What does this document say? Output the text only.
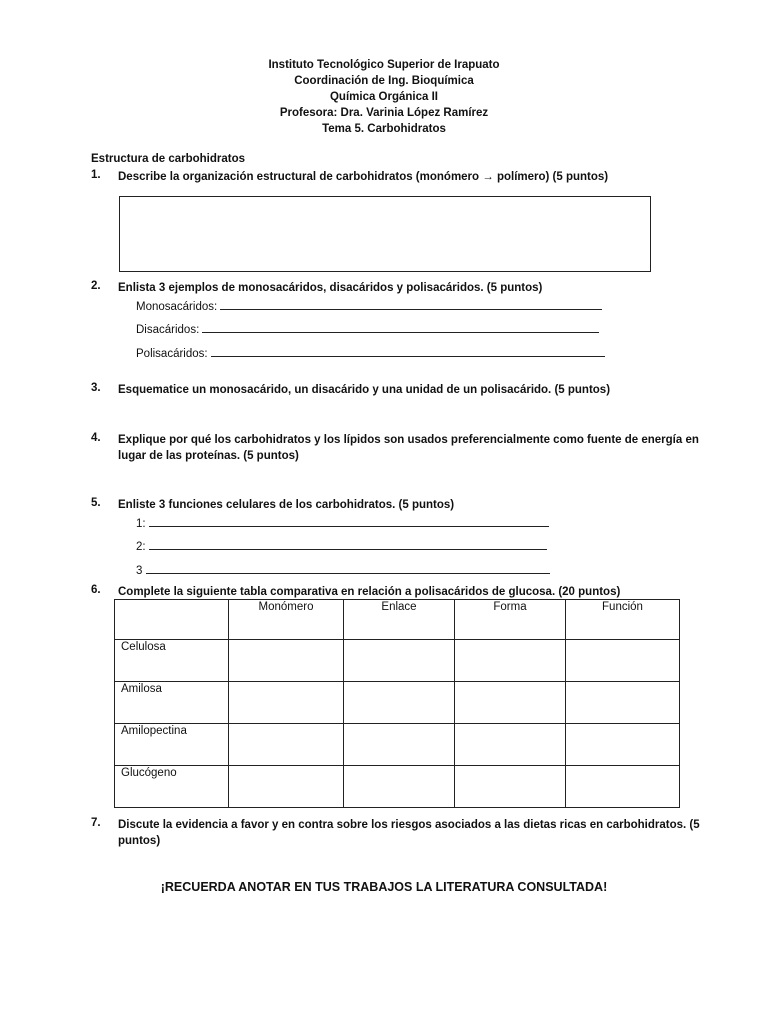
Instituto Tecnológico Superior de Irapuato
Coordinación de Ing. Bioquímica
Química Orgánica II
Profesora: Dra. Varinia López Ramírez
Tema 5. Carbohidratos
Estructura de carbohidratos
1. Describe la organización estructural de carbohidratos (monómero → polímero) (5 puntos)
2. Enlista 3 ejemplos de monosacáridos, disacáridos y polisacáridos. (5 puntos)
Monosacáridos:
Disacáridos:
Polisacáridos:
3. Esquematice un monosacárido, un disacárido y una unidad de un polisacárido. (5 puntos)
4. Explique por qué los carbohidratos y los lípidos son usados preferencialmente como fuente de energía en
lugar de las proteínas. (5 puntos)
5. Enliste 3 funciones celulares de los carbohidratos. (5 puntos)
1:
2:
3
6. Complete la siguiente tabla comparativa en relación a polisacáridos de glucosa. (20 puntos)
	Monómero	Enlace	Forma	Función
Celulosa				
Amilosa				
Amilopectina				
Glucógeno				
7. Discute la evidencia a favor y en contra sobre los riesgos asociados a las dietas ricas en carbohidratos. (5
puntos)
¡RECUERDA ANOTAR EN TUS TRABAJOS LA LITERATURA CONSULTADA!
